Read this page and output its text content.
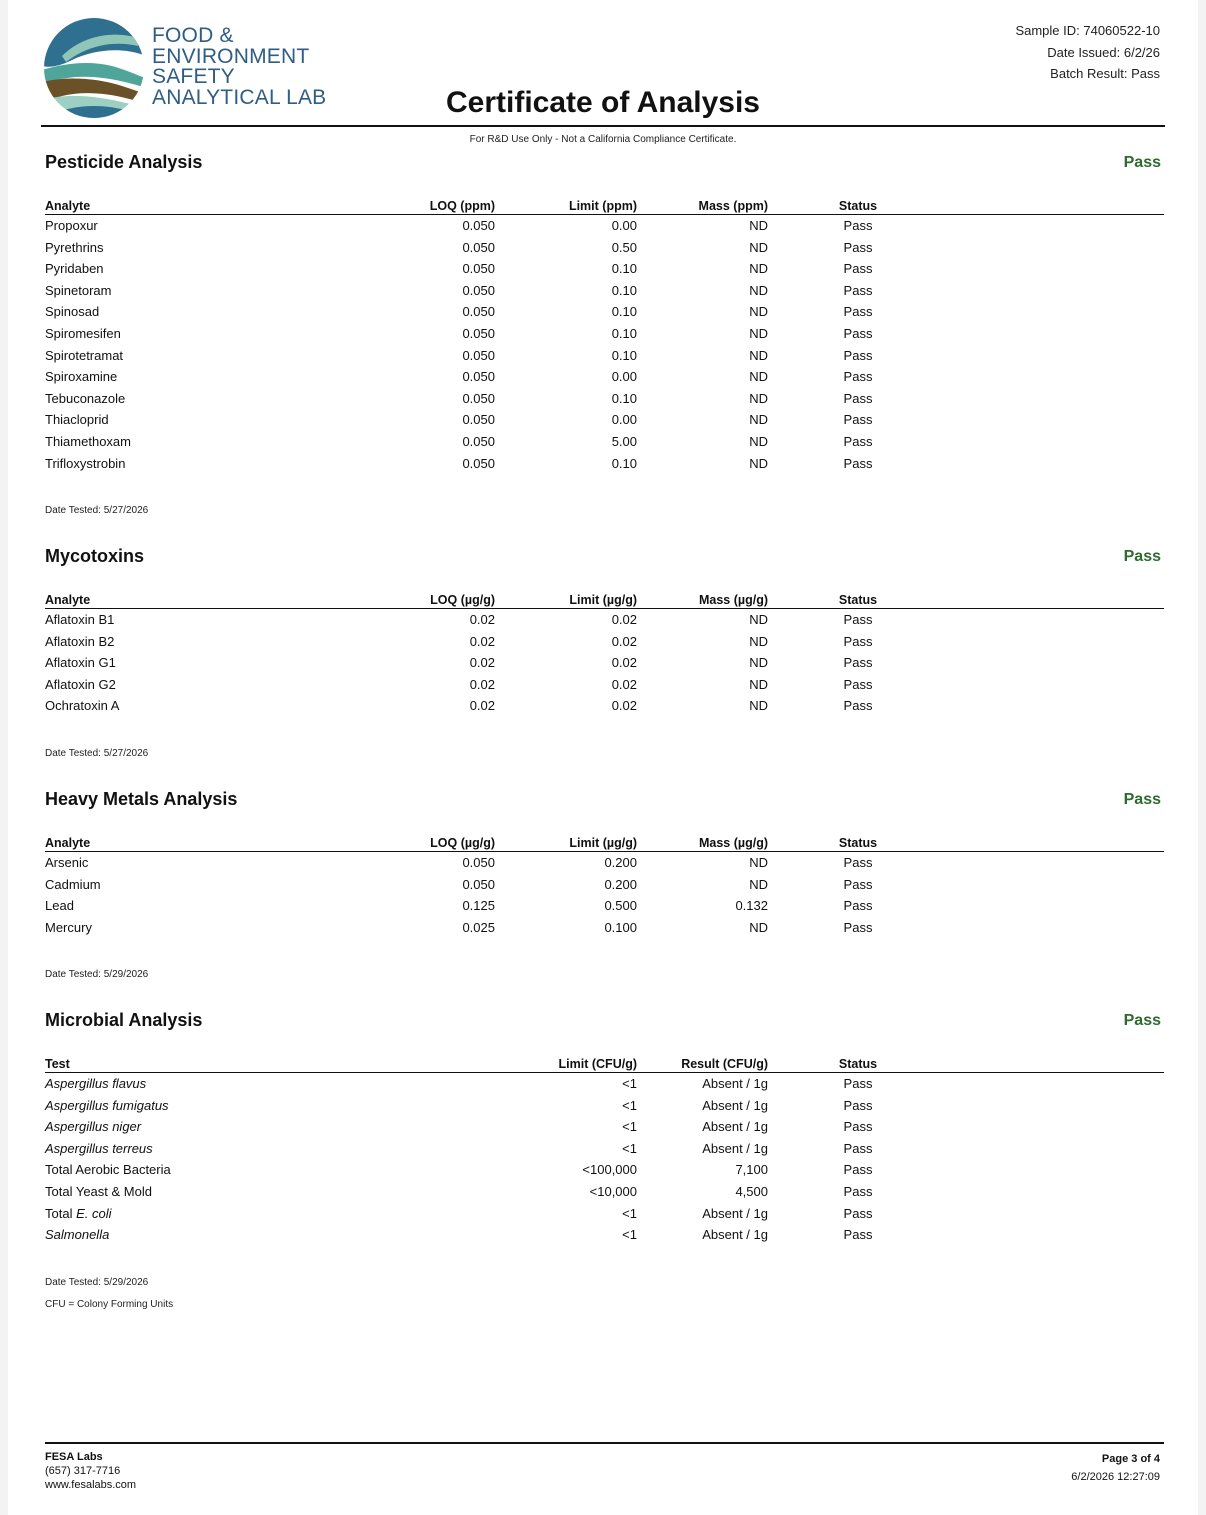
FOOD &
ENVIRONMENT
SAFETY
ANALYTICAL LAB
Sample ID: 74060522-10
Date Issued: 6/2/26
Batch Result: Pass
Certificate of Analysis
For R&D Use Only - Not a California Compliance Certificate.
Pesticide Analysis	Pass
Analyte	LOQ (ppm)	Limit (ppm)	Mass (ppm)	Status	
Propoxur	0.050	0.00	ND	Pass	
Pyrethrins	0.050	0.50	ND	Pass	
Pyridaben	0.050	0.10	ND	Pass	
Spinetoram	0.050	0.10	ND	Pass	
Spinosad	0.050	0.10	ND	Pass	
Spiromesifen	0.050	0.10	ND	Pass	
Spirotetramat	0.050	0.10	ND	Pass	
Spiroxamine	0.050	0.00	ND	Pass	
Tebuconazole	0.050	0.10	ND	Pass	
Thiacloprid	0.050	0.00	ND	Pass	
Thiamethoxam	0.050	5.00	ND	Pass	
Trifloxystrobin	0.050	0.10	ND	Pass	
Date Tested: 5/27/2026
Mycotoxins	Pass
Analyte	LOQ (µg/g)	Limit (µg/g)	Mass (µg/g)	Status	
Aflatoxin B1	0.02	0.02	ND	Pass	
Aflatoxin B2	0.02	0.02	ND	Pass	
Aflatoxin G1	0.02	0.02	ND	Pass	
Aflatoxin G2	0.02	0.02	ND	Pass	
Ochratoxin A	0.02	0.02	ND	Pass	
Date Tested: 5/27/2026
Heavy Metals Analysis	Pass
Analyte	LOQ (µg/g)	Limit (µg/g)	Mass (µg/g)	Status	
Arsenic	0.050	0.200	ND	Pass	
Cadmium	0.050	0.200	ND	Pass	
Lead	0.125	0.500	0.132	Pass	
Mercury	0.025	0.100	ND	Pass	
Date Tested: 5/29/2026
Microbial Analysis	Pass
Test		Limit (CFU/g)	Result (CFU/g)	Status	
Aspergillus flavus		<1	Absent / 1g	Pass	
Aspergillus fumigatus		<1	Absent / 1g	Pass	
Aspergillus niger		<1	Absent / 1g	Pass	
Aspergillus terreus		<1	Absent / 1g	Pass	
Total Aerobic Bacteria		<100,000	7,100	Pass	
Total Yeast & Mold		<10,000	4,500	Pass	
Total E. coli		<1	Absent / 1g	Pass	
Salmonella		<1	Absent / 1g	Pass	
Date Tested: 5/29/2026
CFU = Colony Forming Units
FESA Labs
(657) 317-7716
www.fesalabs.com
Page 3 of 4
6/2/2026 12:27:09
